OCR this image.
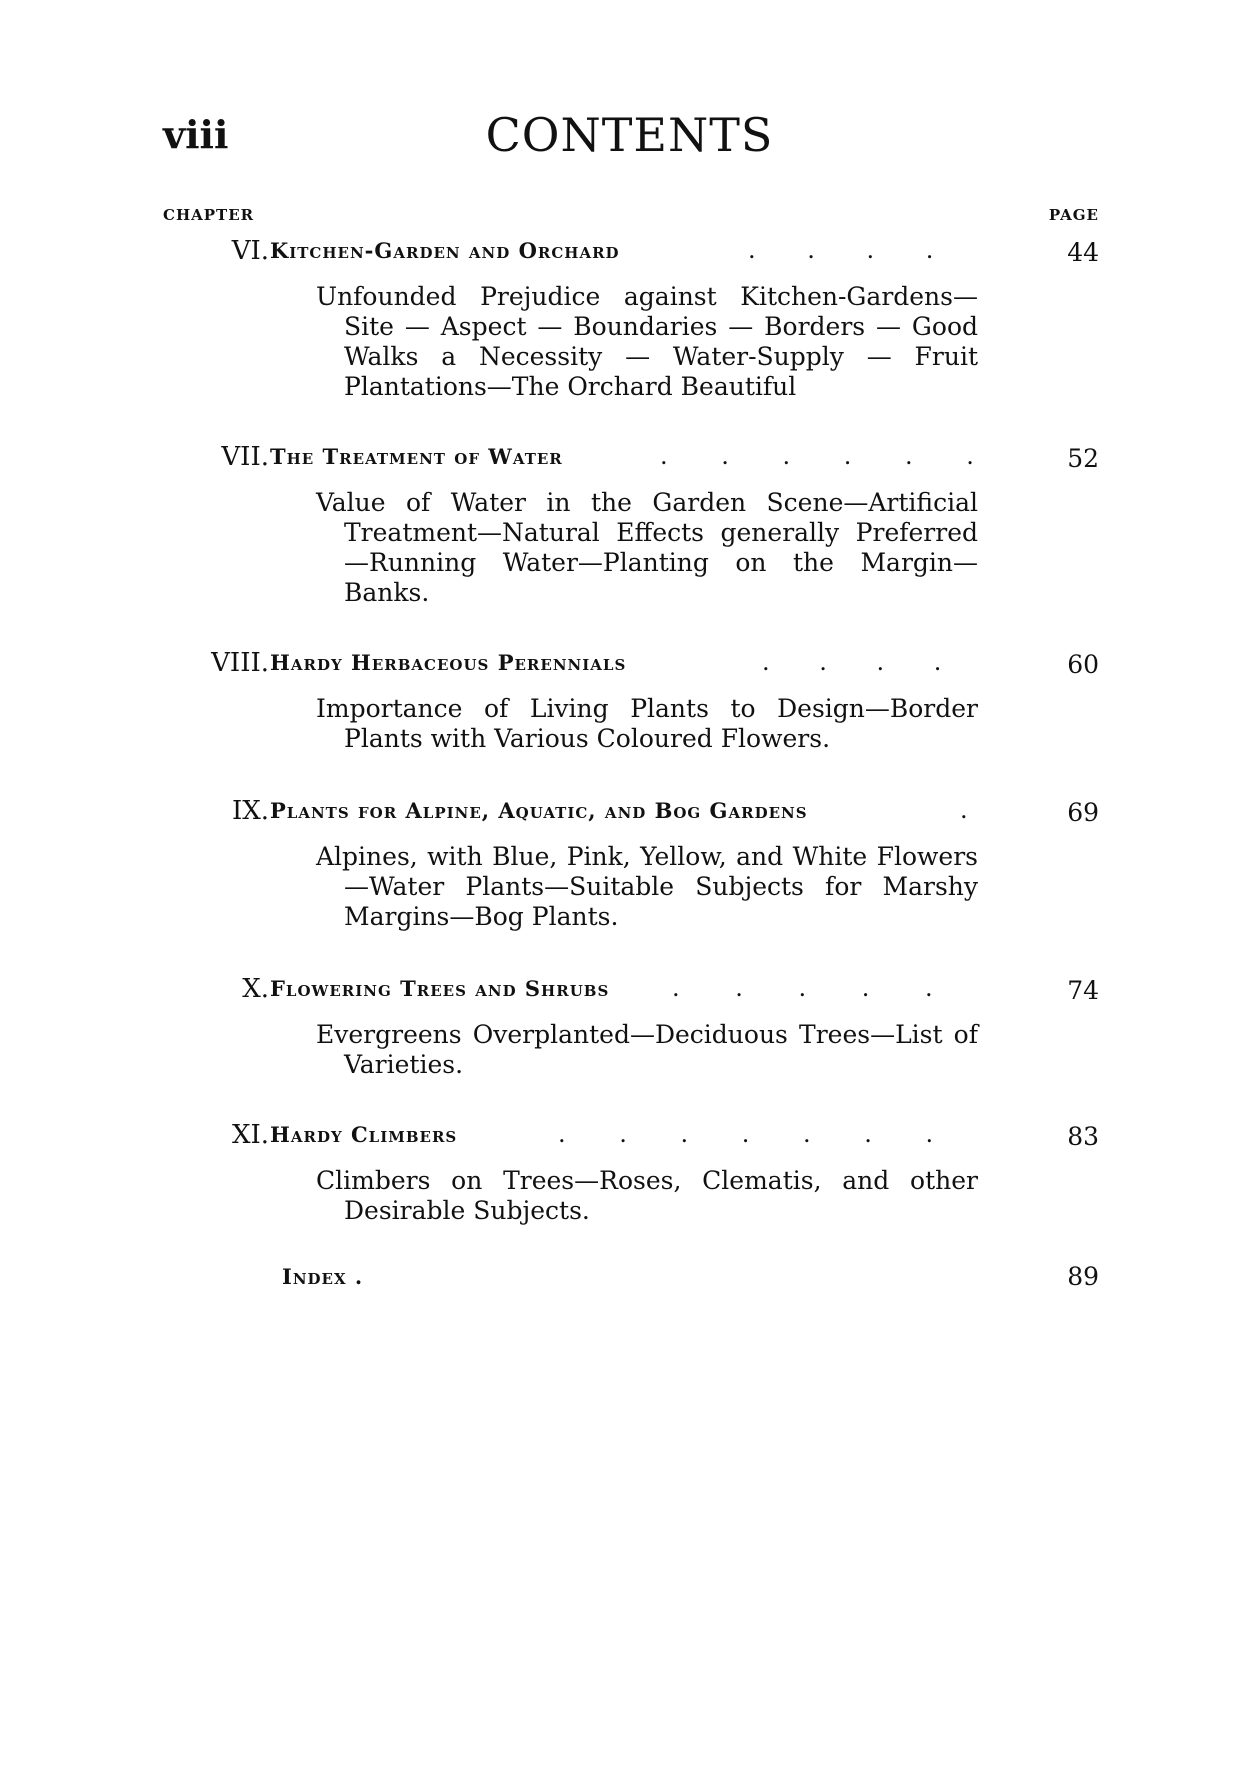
viii	CONTENTS
CHAPTER	PAGE
VI. Kitchen-Garden and Orchard	. . . .	44
Unfounded Prejudice against Kitchen-Gardens—Site — Aspect — Boundaries — Borders — Good Walks a Necessity — Water-Supply — Fruit Plantations—The Orchard Beautiful
VII. The Treatment of Water	. . . . . .	52
Value of Water in the Garden Scene—Artificial Treatment—Natural Effects generally Preferred —Running Water—Planting on the Margin—Banks.
VIII. Hardy Herbaceous Perennials	. . . .	60
Importance of Living Plants to Design—Border Plants with Various Coloured Flowers.
IX. Plants for Alpine, Aquatic, and Bog Gardens	.	69
Alpines, with Blue, Pink, Yellow, and White Flowers—Water Plants—Suitable Subjects for Marshy Margins—Bog Plants.
X. Flowering Trees and Shrubs	. . . . .	74
Evergreens Overplanted—Deciduous Trees—List of Varieties.
XI. Hardy Climbers	. . . . . . .	83
Climbers on Trees—Roses, Clematis, and other Desirable Subjects.
Index .	89
